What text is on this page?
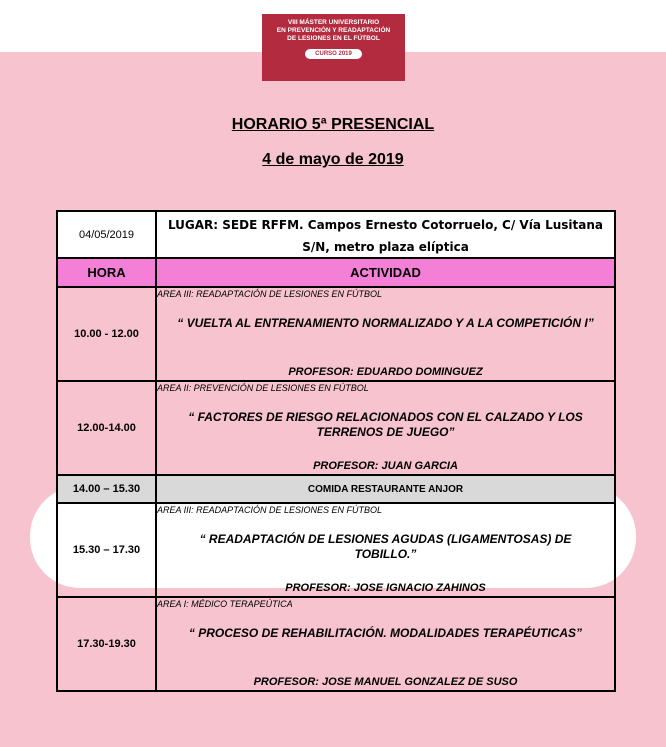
VIII MÁSTER UNIVERSITARIO
EN PREVENCIÓN Y READAPTACIÓN
DE LESIONES EN EL FÚTBOL
CURSO 2019
HORARIO 5ª PRESENCIAL
4 de mayo de 2019
04/05/2019
LUGAR: SEDE RFFM. Campos Ernesto Cotorruelo, C/ Vía Lusitana S/N, metro plaza elíptica
HORA	ACTIVIDAD
10.00 - 12.00
AREA III: READAPTACIÓN DE LESIONES EN FÚTBOL
“ VUELTA AL ENTRENAMIENTO NORMALIZADO Y A LA COMPETICIÓN I”
PROFESOR: EDUARDO DOMINGUEZ
12.00-14.00
AREA II: PREVENCIÓN DE LESIONES EN FÚTBOL
“ FACTORES DE RIESGO RELACIONADOS CON EL CALZADO Y LOS TERRENOS DE JUEGO”
PROFESOR: JUAN GARCIA
14.00 – 15.30	COMIDA RESTAURANTE ANJOR
15.30 – 17.30
AREA III: READAPTACIÓN DE LESIONES EN FÚTBOL
“ READAPTACIÓN DE LESIONES AGUDAS (LIGAMENTOSAS) DE TOBILLO.”
PROFESOR: JOSE IGNACIO ZAHINOS
17.30-19.30
AREA I: MÉDICO TERAPEÚTICA
“ PROCESO DE REHABILITACIÓN. MODALIDADES TERAPÉUTICAS”
PROFESOR: JOSE MANUEL GONZALEZ DE SUSO
